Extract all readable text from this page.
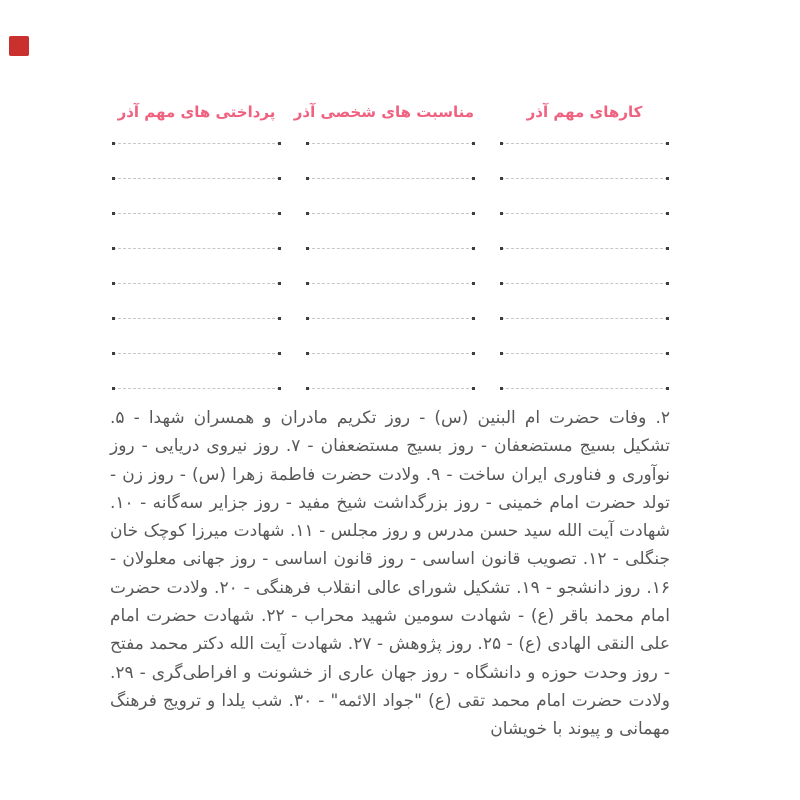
کارهای مهم آذر
مناسبت های شخصی آذر
پرداختی های مهم آذر
۲. وفات حضرت ام البنین (س) - روز تکریم مادران و همسران شهدا - ۵. تشکیل بسیج مستضعفان - روز بسیج مستضعفان - ۷. روز نیروی دریایی - روز نوآوری و فناوری ایران ساخت - ۹. ولادت حضرت فاطمة زهرا (س) - روز زن - تولد حضرت امام خمینی - روز بزرگداشت شیخ مفید - روز جزایر سه‌گانه - ۱۰. شهادت آیت الله سید حسن مدرس و روز مجلس - ۱۱. شهادت میرزا کوچک خان جنگلی - ۱۲. تصویب قانون اساسی - روز قانون اساسی - روز جهانی معلولان - ۱۶. روز دانشجو - ۱۹. تشکیل شورای عالی انقلاب فرهنگی - ۲۰. ولادت حضرت امام محمد باقر (ع) - شهادت سومین شهید محراب - ۲۲. شهادت حضرت امام علی النقی الهادی (ع) - ۲۵. روز پژوهش - ۲۷. شهادت آیت الله دکتر محمد مفتح - روز وحدت حوزه و دانشگاه - روز جهان عاری از خشونت و افراطی‌گری - ۲۹. ولادت حضرت امام محمد تقی (ع) "جواد الائمه" - ۳۰. شب یلدا و ترویج فرهنگ مهمانی و پیوند با خویشان
